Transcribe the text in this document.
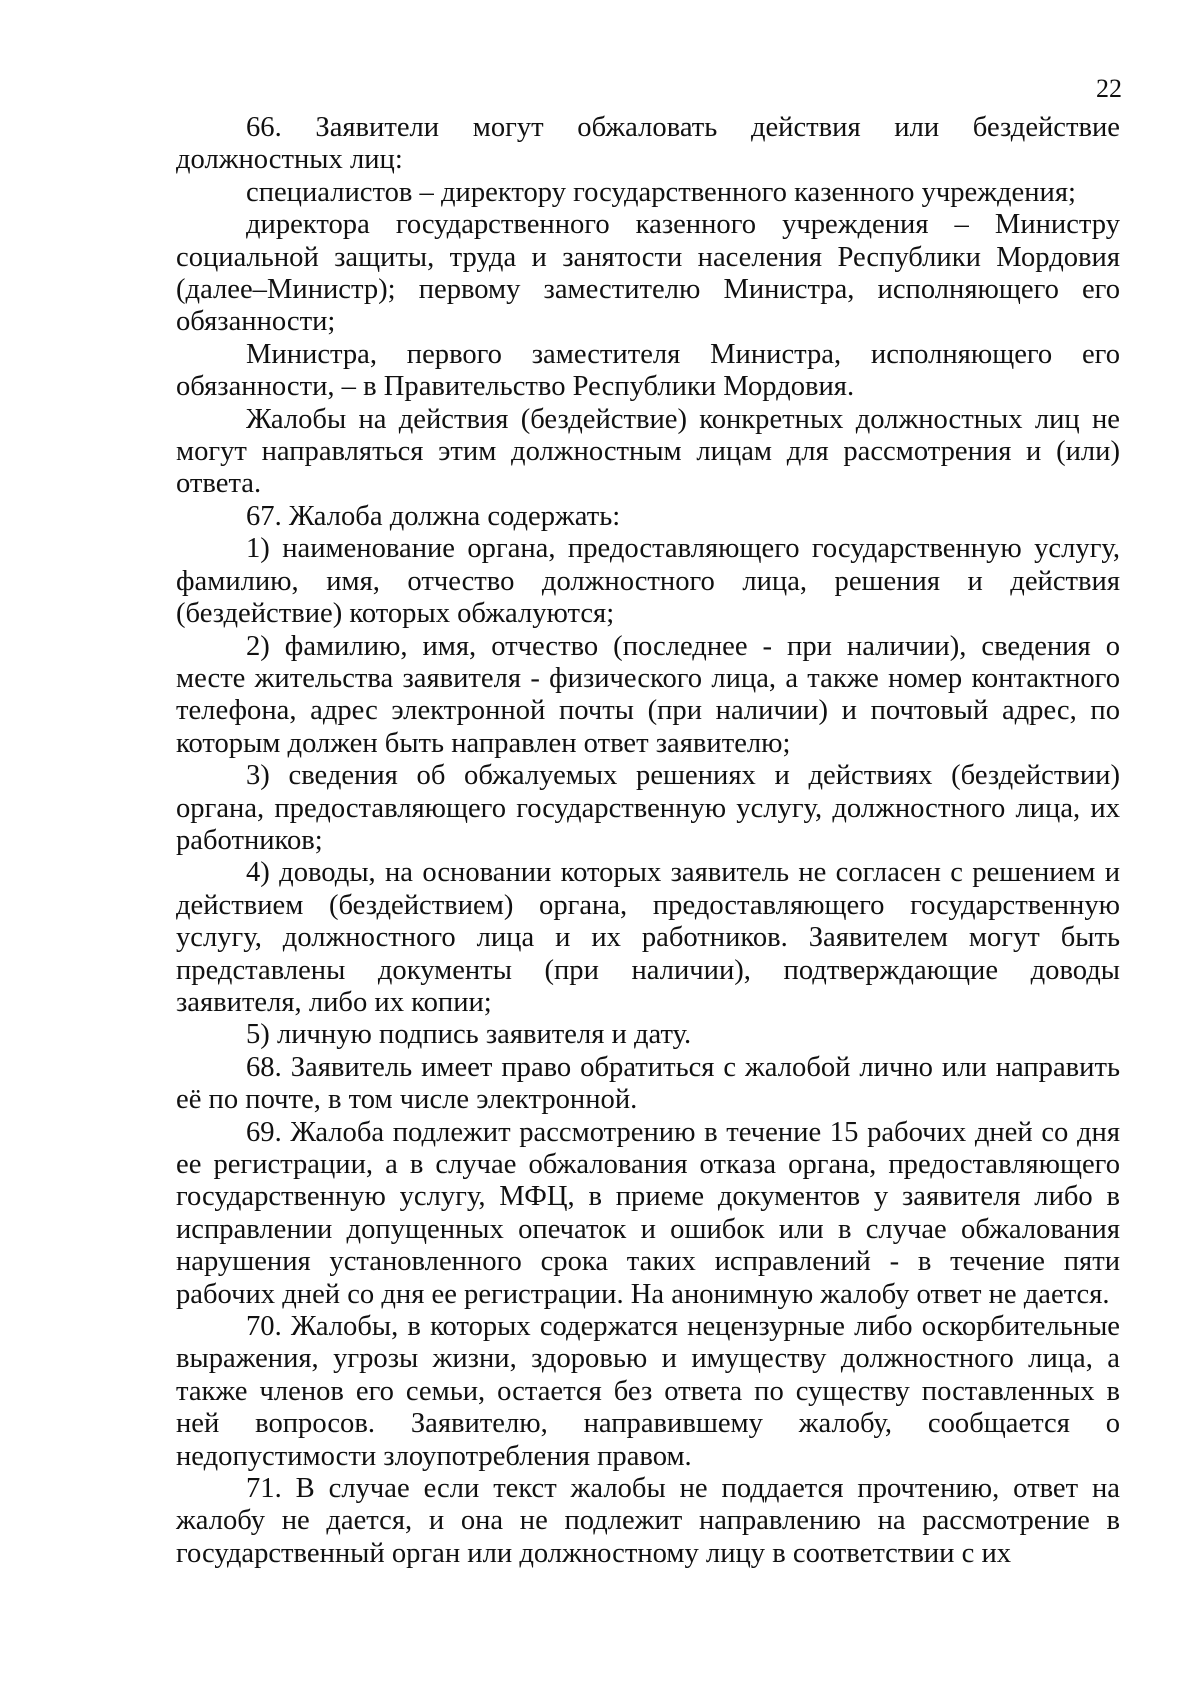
22

66. Заявители могут обжаловать действия или бездействие должностных лиц:

специалистов – директору государственного казенного учреждения;

директора государственного казенного учреждения – Министру социальной защиты, труда и занятости населения Республики Мордовия (далее–Министр); первому заместителю Министра, исполняющего его обязанности;

Министра, первого заместителя Министра, исполняющего его обязанности, – в Правительство Республики Мордовия.

Жалобы на действия (бездействие) конкретных должностных лиц не могут направляться этим должностным лицам для рассмотрения и (или) ответа.

67. Жалоба должна содержать:

1) наименование органа, предоставляющего государственную услугу, фамилию, имя, отчество должностного лица, решения и действия (бездействие) которых обжалуются;

2) фамилию, имя, отчество (последнее - при наличии), сведения о месте жительства заявителя - физического лица, а также номер контактного телефона, адрес электронной почты (при наличии) и почтовый адрес, по которым должен быть направлен ответ заявителю;

3) сведения об обжалуемых решениях и действиях (бездействии) органа, предоставляющего государственную услугу, должностного лица, их работников;

4) доводы, на основании которых заявитель не согласен с решением и действием (бездействием) органа, предоставляющего государственную услугу, должностного лица и их работников. Заявителем могут быть представлены документы (при наличии), подтверждающие доводы заявителя, либо их копии;

5) личную подпись заявителя и дату.

68. Заявитель имеет право обратиться с жалобой лично или направить её по почте, в том числе электронной.

69. Жалоба подлежит рассмотрению в течение 15 рабочих дней со дня ее регистрации, а в случае обжалования отказа органа, предоставляющего государственную услугу, МФЦ, в приеме документов у заявителя либо в исправлении допущенных опечаток и ошибок или в случае обжалования нарушения установленного срока таких исправлений - в течение пяти рабочих дней со дня ее регистрации. На анонимную жалобу ответ не дается.

70. Жалобы, в которых содержатся нецензурные либо оскорбительные выражения, угрозы жизни, здоровью и имуществу должностного лица, а также членов его семьи, остается без ответа по существу поставленных в ней вопросов. Заявителю, направившему жалобу, сообщается о недопустимости злоупотребления правом.

71. В случае если текст жалобы не поддается прочтению, ответ на жалобу не дается, и она не подлежит направлению на рассмотрение в государственный орган или должностному лицу в соответствии с их
